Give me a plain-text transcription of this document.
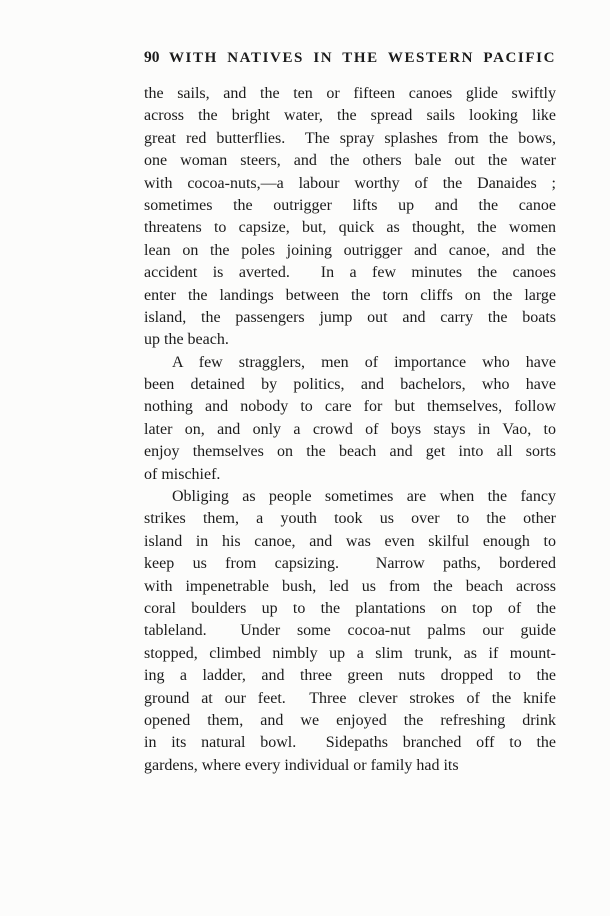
90 WITH NATIVES IN THE WESTERN PACIFIC
the sails, and the ten or fifteen canoes glide swiftly
across the bright water, the spread sails looking like
great red butterflies.  The spray splashes from the bows,
one woman steers, and the others bale out the water
with cocoa-nuts,—a labour worthy of the Danaides ;
sometimes the outrigger lifts up and the canoe
threatens to capsize, but, quick as thought, the women
lean on the poles joining outrigger and canoe, and the
accident is averted.  In a few minutes the canoes
enter the landings between the torn cliffs on the large
island, the passengers jump out and carry the boats
up the beach.
A few stragglers, men of importance who have
been detained by politics, and bachelors, who have
nothing and nobody to care for but themselves, follow
later on, and only a crowd of boys stays in Vao, to
enjoy themselves on the beach and get into all sorts
of mischief.
Obliging as people sometimes are when the fancy
strikes them, a youth took us over to the other
island in his canoe, and was even skilful enough to
keep us from capsizing.  Narrow paths, bordered
with impenetrable bush, led us from the beach across
coral boulders up to the plantations on top of the
tableland.  Under some cocoa-nut palms our guide
stopped, climbed nimbly up a slim trunk, as if mount-
ing a ladder, and three green nuts dropped to the
ground at our feet.  Three clever strokes of the knife
opened them, and we enjoyed the refreshing drink
in its natural bowl.  Sidepaths branched off to the
gardens, where every individual or family had its
